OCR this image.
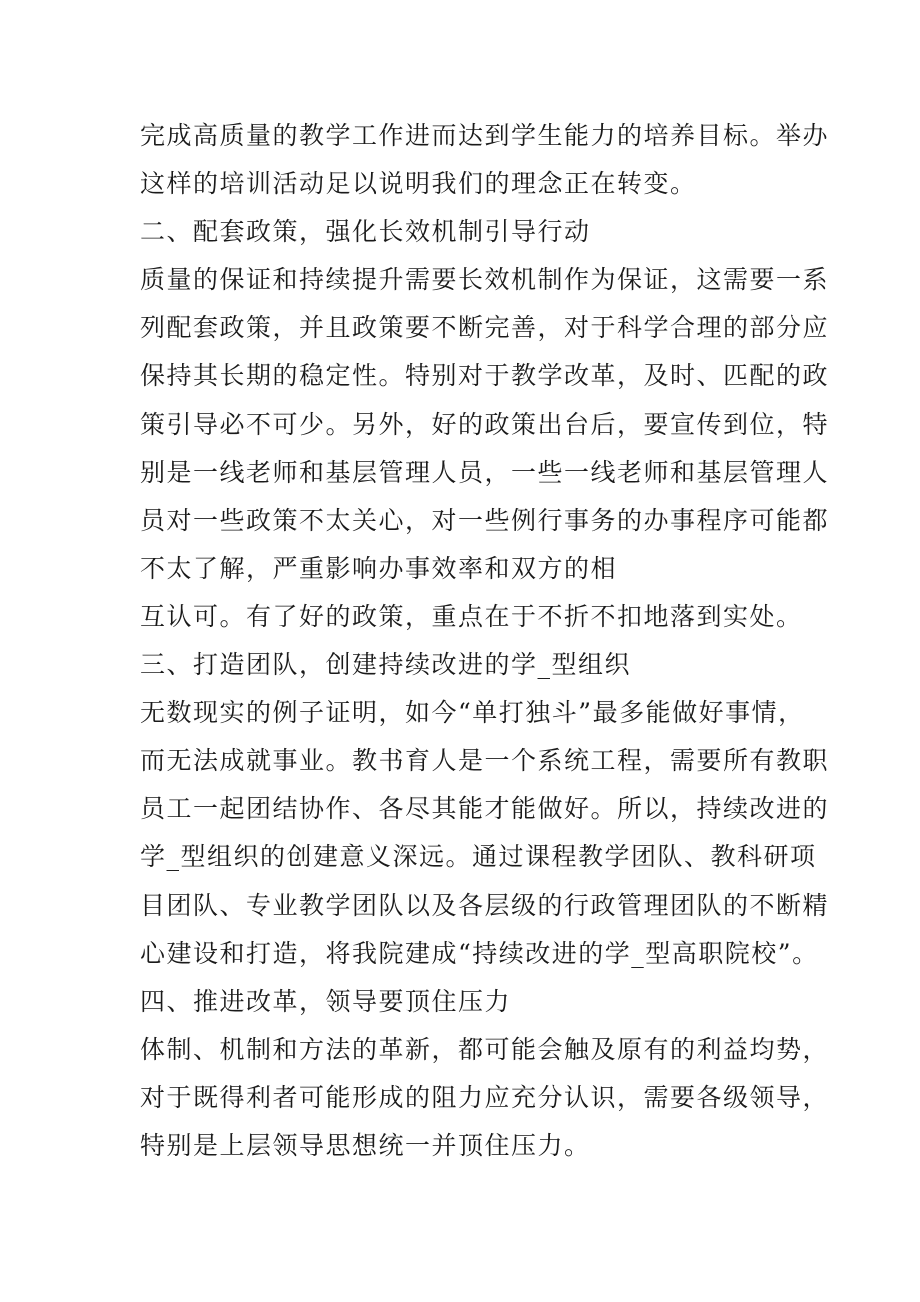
完成高质量的教学工作进而达到学生能力的培养目标。举办
这样的培训活动足以说明我们的理念正在转变。
二、配套政策，强化长效机制引导行动
质量的保证和持续提升需要长效机制作为保证，这需要一系
列配套政策，并且政策要不断完善，对于科学合理的部分应
保持其长期的稳定性。特别对于教学改革，及时、匹配的政
策引导必不可少。另外，好的政策出台后，要宣传到位，特
别是一线老师和基层管理人员，一些一线老师和基层管理人
员对一些政策不太关心，对一些例行事务的办事程序可能都
不太了解，严重影响办事效率和双方的相
互认可。有了好的政策，重点在于不折不扣地落到实处。
三、打造团队，创建持续改进的学_型组织
无数现实的例子证明，如今“单打独斗”最多能做好事情，
而无法成就事业。教书育人是一个系统工程，需要所有教职
员工一起团结协作、各尽其能才能做好。所以，持续改进的
学_型组织的创建意义深远。通过课程教学团队、教科研项
目团队、专业教学团队以及各层级的行政管理团队的不断精
心建设和打造，将我院建成“持续改进的学_型高职院校”。
四、推进改革，领导要顶住压力
体制、机制和方法的革新，都可能会触及原有的利益均势，
对于既得利者可能形成的阻力应充分认识，需要各级领导，
特别是上层领导思想统一并顶住压力。
